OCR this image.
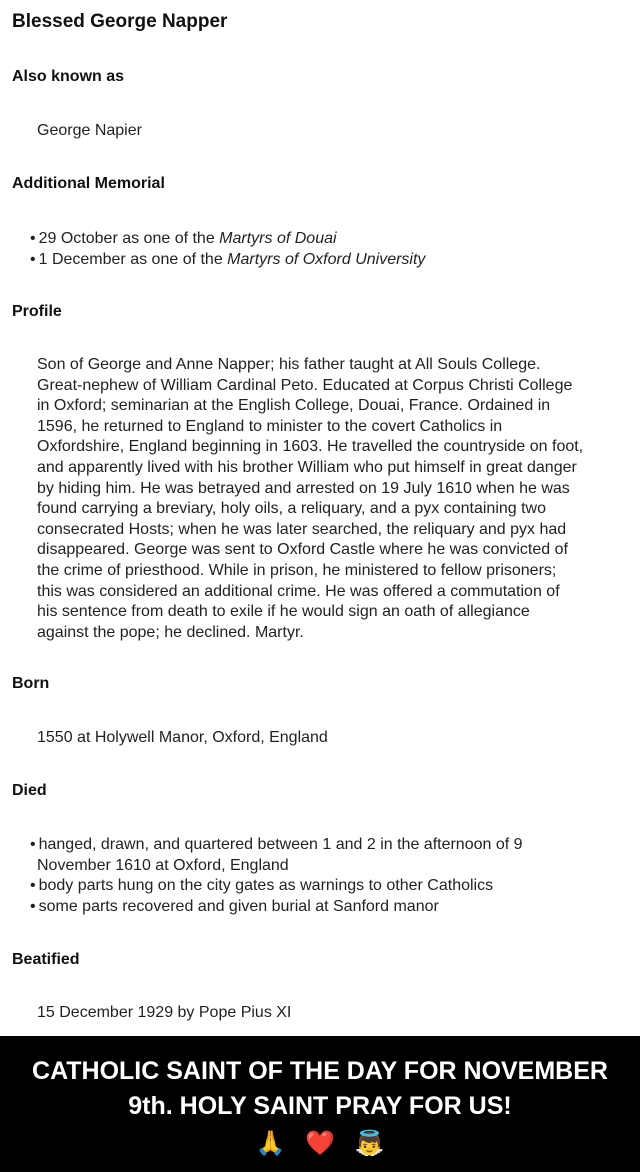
Blessed George Napper
Also known as
George Napier
Additional Memorial
• 29 October as one of the Martyrs of Douai
• 1 December as one of the Martyrs of Oxford University
Profile
Son of George and Anne Napper; his father taught at All Souls College.
Great-nephew of William Cardinal Peto. Educated at Corpus Christi College
in Oxford; seminarian at the English College, Douai, France. Ordained in
1596, he returned to England to minister to the covert Catholics in
Oxfordshire, England beginning in 1603. He travelled the countryside on foot,
and apparently lived with his brother William who put himself in great danger
by hiding him. He was betrayed and arrested on 19 July 1610 when he was
found carrying a breviary, holy oils, a reliquary, and a pyx containing two
consecrated Hosts; when he was later searched, the reliquary and pyx had
disappeared. George was sent to Oxford Castle where he was convicted of
the crime of priesthood. While in prison, he ministered to fellow prisoners;
this was considered an additional crime. He was offered a commutation of
his sentence from death to exile if he would sign an oath of allegiance
against the pope; he declined. Martyr.
Born
1550 at Holywell Manor, Oxford, England
Died
• hanged, drawn, and quartered between 1 and 2 in the afternoon of 9
November 1610 at Oxford, England
• body parts hung on the city gates as warnings to other Catholics
• some parts recovered and given burial at Sanford manor
Beatified
15 December 1929 by Pope Pius XI
CATHOLIC SAINT OF THE DAY FOR NOVEMBER 9th. HOLY SAINT PRAY FOR US!
🙏 ❤️ 👼
